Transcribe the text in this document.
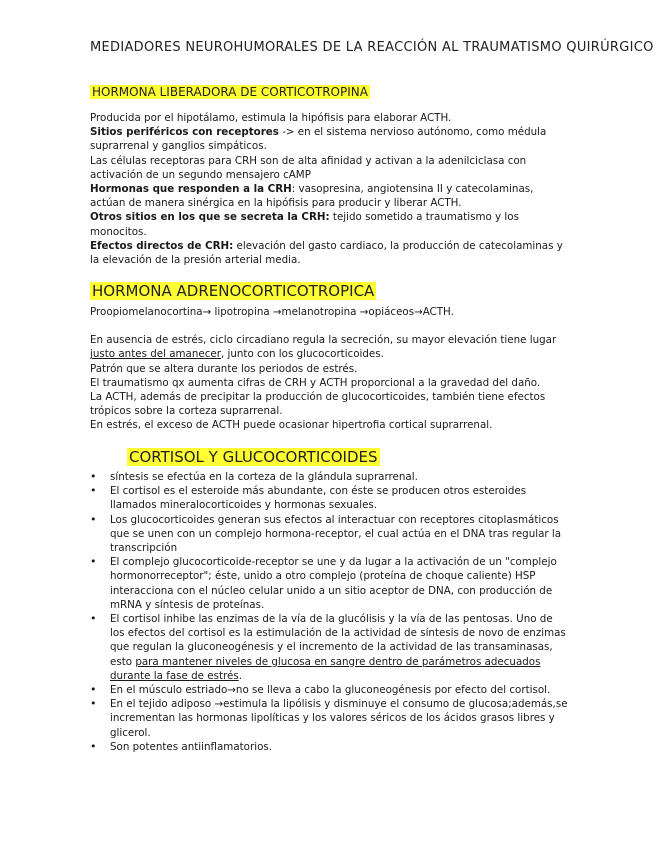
MEDIADORES NEUROHUMORALES DE LA REACCIÓN AL TRAUMATISMO QUIRÚRGICO
HORMONA LIBERADORA DE CORTICOTROPINA

Producida por el hipotálamo, estimula la hipófisis para elaborar ACTH.

Sitios periféricos con receptores -> en el sistema nervioso autónomo, como médula suprarrenal y ganglios simpáticos.

Las células receptoras para CRH son de alta afinidad y activan a la adenilciclasa con activación de un segundo mensajero cAMP

Hormonas que responden a la CRH: vasopresina, angiotensina II y catecolaminas, actúan de manera sinérgica en la hipófisis para producir y liberar ACTH.

Otros sitios en los que se secreta la CRH: tejido sometido a traumatismo y los monocitos.

Efectos directos de CRH: elevación del gasto cardiaco, la producción de catecolaminas y la elevación de la presión arterial media.

HORMONA ADRENOCORTICOTROPICA

Proopiomelanocortina→ lipotropina →melanotropina →opiáceos→ACTH.

En ausencia de estrés, ciclo circadiano regula la secreción, su mayor elevación tiene lugar justo antes del amanecer, junto con los glucocorticoides.

Patrón que se altera durante los periodos de estrés.

El traumatismo qx aumenta cifras de CRH y ACTH proporcional a la gravedad del daño.

La ACTH, además de precipitar la producción de glucocorticoides, también tiene efectos trópicos sobre la corteza suprarrenal.

En estrés, el exceso de ACTH puede ocasionar hipertrofia cortical suprarrenal.

CORTISOL Y GLUCOCORTICOIDES
• síntesis se efectúa en la corteza de la glándula suprarrenal.
• El cortisol es el esteroide más abundante, con éste se producen otros esteroides llamados mineralocorticoides y hormonas sexuales.
• Los glucocorticoides generan sus efectos al interactuar con receptores citoplasmáticos que se unen con un complejo hormona-receptor, el cual actúa en el DNA tras regular la transcripción
• El complejo glucocorticoide-receptor se une y da lugar a la activación de un "complejo hormonorreceptor"; éste, unido a otro complejo (proteína de choque caliente) HSP interacciona con el núcleo celular unido a un sitio aceptor de DNA, con producción de mRNA y síntesis de proteínas.
• El cortisol inhibe las enzimas de la vía de la glucólisis y la vía de las pentosas. Uno de los efectos del cortisol es la estimulación de la actividad de síntesis de novo de enzimas que regulan la gluconeogénesis y el incremento de la actividad de las transaminasas, esto para mantener niveles de glucosa en sangre dentro de parámetros adecuados durante la fase de estrés.
• En el músculo estriado→no se lleva a cabo la gluconeogénesis por efecto del cortisol.
• En el tejido adiposo →estimula la lipólisis y disminuye el consumo de glucosa;además,se incrementan las hormonas lipolíticas y los valores séricos de los ácidos grasos libres y glicerol.
• Son potentes antiinflamatorios.
